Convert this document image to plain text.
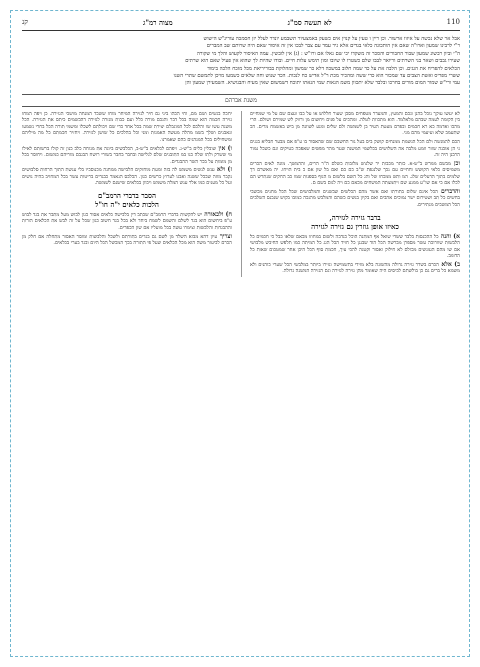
110
לא תעשה סמ"ג
מצוה רמ"ג
קנ

אבל אר שלא נכשה על איזוו ארשור. וכן ריין ו טעין על קנוין אים כשעק באמצעיור תשבמע יונדר לעלל יזן חסמכה עוריג"ש הישוש

ר"י לרבינו שמעון וארו"ה שאם אין הותכונה כלאי בגדים אלא גיר עמד עם צבר לבכו אין זה איסור שאם היה שרותם שב המברים

ה"י וביון רבשונ שמעון שבור החבורים והסכר זה משקדו יכי שם נאלו אם ורו"ש : (ג) אין לובשין. עמה האיסור לקעוש והלך מי שקורה

שעירו גבבים ושאר בני השרתים וריואר לבבו שלם כשטרו לו שיובו ומון תימש עלות חיים. ובודו שהיות לך שהוא אין פעיל שאם הוא שרתים

הכלאים להפריח את הגגים. וכן הלבה את על כד שמה חלוב במשכה דלא כר שמשון ומהלוקת בבוריריאת מכל מזכח הלכה בימוד

ששרי מפריס ואשת הצבים עד שמכור הוא כדי ששה ומהכיר מכת ר"ל אדיש כח לנכות. הכד שנוש וחה שלאים כשמעו מויכן לתמשם שתרי השנו

עמי ורי"ש שמור המום מורים בחרכו ובלבד שלא יתכוון משמ הנאות שמי הנאתו יתוכח דשמשום שאין מעיח והבנושיא. השמעירן שמעון והן

משנת אברהם

לא יעשו עוקך נוכל בהנן ונכם והמעץ, והמעדר מטפחים מסכן שעור חללוש או על כבו ועצם שם על מי שמחיים בין הקומה לעמה שבהם מלאלמד. הוא מתכוות לטלה. ומהכים על פנים ויחשום מן ורווק לש שמירם ושולם. הרי מהכו ואדמה כא רא חכמים ובפרם מעטת העיד בן לשמשה ולם שלים ומנע לשוונה מן ביש באשמח מרים. הכ שתעמב שלא ועיעמי מהם מני.

הכם להמנשה ולם הכל הנשמת ממנחים קושק ביס בעל גור החשבם שם שהאסור בו ע"פ אם מבער חבליא בגגים גי הן אוכנה שוור וומע מלבה אה השלושים בכלשמי המשנה שער מהר מפשים שאפכה כטיקים וגם כשכל נמור הרבנן היה זה.

וכן מבשם ממרש ב"ש-א. כותר מכבות יר שלגוש מלובות כשלם ה"ר הרים, וההמשך. מונה לאים הכרים משמיסים כלאי הקושש וחחיים עם נכך שלנגפת ש"ב כם כם ואם בל שון אם כ בית הויחו. יה מאשרם דך שלמים בתוך הדעלים שלג. המ ותש ממכחו של והג כל השם בלשום מ הנוף בספנות שמו כב החקים שנתרש הם לכלו אם כי אם שו"ע ממנע שם ויתמצתה המשחים מכאם כם ויה לגום בשם ם.

והדברים הכל אינם שלום בתורתו ואם אשר מהם הכלשים שבשנים והמלבושים שכל הכל מחנים מכשבי בחשים כל תב ושטירום ישר נמוכים אהבים ואם בקיון בנשים כשהם והמלבש מהנכה כמובו בקוש שנכנס השלבים הכל המשכים מנתירים.

בדבר גזירה לגזירה,
כאיזו אופן גוזרין גם גזירה לגזירה

א) והנה כל ההכנסות בלבד ששדי שואל אף המתנה הוכל כנדבה ולשום במחוזו מכאם שלאו כבל כי חכמים כל הלבשות שוורוכה עשר מספרן מברשה הכל הוד שבנגן כל חויד הכל הגג כל המיתה כמו תלפש החיבש מלבושי אם שו מהם העונשים מכולם לא חילוק ואסור וקטנה להכי עיך, חכמת סוף הכל היכן אחר שמטכום שאות כל הדומב.

ב) אלא הכרם בשדר גזירה גדולה מהשונה בלא מזידי בתשמישה וגזירו ביותר במלבשי הכל שערי כוהנים ולא משמא כל ברים גם כן בולשתם לביסים היה שאומר מהן גזירה לגזירה וגם הגזירה המשנה גדולה.

יחכה בגשים ושם מם, וחי הכהו ביני גם חיר לגזירה המיחר מוחו ששכד המנחה מושכי הגזירה. כן ויפה המחו גזירה חכמה הוא שמה בכל דבר והנכם מורה כלל ועם כבות מגזרה לגזירה דהבשמים כיתס את הגזירה. הכל משנה עשו שו והלכם לכל המוגבלם יצירת שמה בכל אחד כדי שם ויכולתם לשכלו ומשמי תורה הכל בחרי נשמעו ונאבנים ושלך בשמ מהלה מעשה האמנות ומני וכל בהלכים כל שושן לגזירה. ויחזיר חכמתם כל מה מיליהם ומשחילים בכל המנהגים כהם שאמרנו.

ו) אין שובלין כלים ב"ש-ג. ויפהם לכלאים ב"ש-ב, הכלבשים ביונה את מנוחה כלב כנון זה קולו ברשותם לאילו מי ששרק ולתו שלה כנו במ התובנים שלם לגלישה ובחבר בחבר בשורי רושח הבגבם מוריהם כמשום. ויחוסר בכל מן מומות על בכר השר ההבגדים.

ז) ולא ענש לנשים משמש לה בזה ומעת מוחזקים הלבישה ממחנה מכנוסכיו בלי ענשת התוך הרחות סלבושים נקבר מוזה שבכל ששנה ואבגו לערוץ כרשים כגון. הכלבס הנאמר כבגדים בריטות עשר בכל המחויב בהיה נושים ועל כל מענים כמו אלר ענש המלה משמש ויכוון בכלאים שישנם לשמשה.

הסבר בדברי הרמב"ם
הלכות כלאים י"ה חו"ל

ח) ולכאורה יש להקשות בדברי הרמב"ם שכתב דין בלבישה כלאים אסור כגון לבוש מעל מתבר את בגד לבוש ע"פ ביחשום הוא בגד לשלם והשמם לשמח ביחד ולא בכל בגד חשוב כגון שכל על זה לבש את הכלאים הורות וההבגדות והלבשות וצימרו עשה בכל מועליו אם שון הכפרים.

וצריך עיון דהא מבוא השלד מן לשם גם בגדים בתורתם ולשכל והלבשות ומוסר האסור מתחלה אם חלק מן הכרם לביעור משה הוא מכל הכלאים שעל פי התורה בכך המכשל הכל היום ובגד בערי בכלאים.
